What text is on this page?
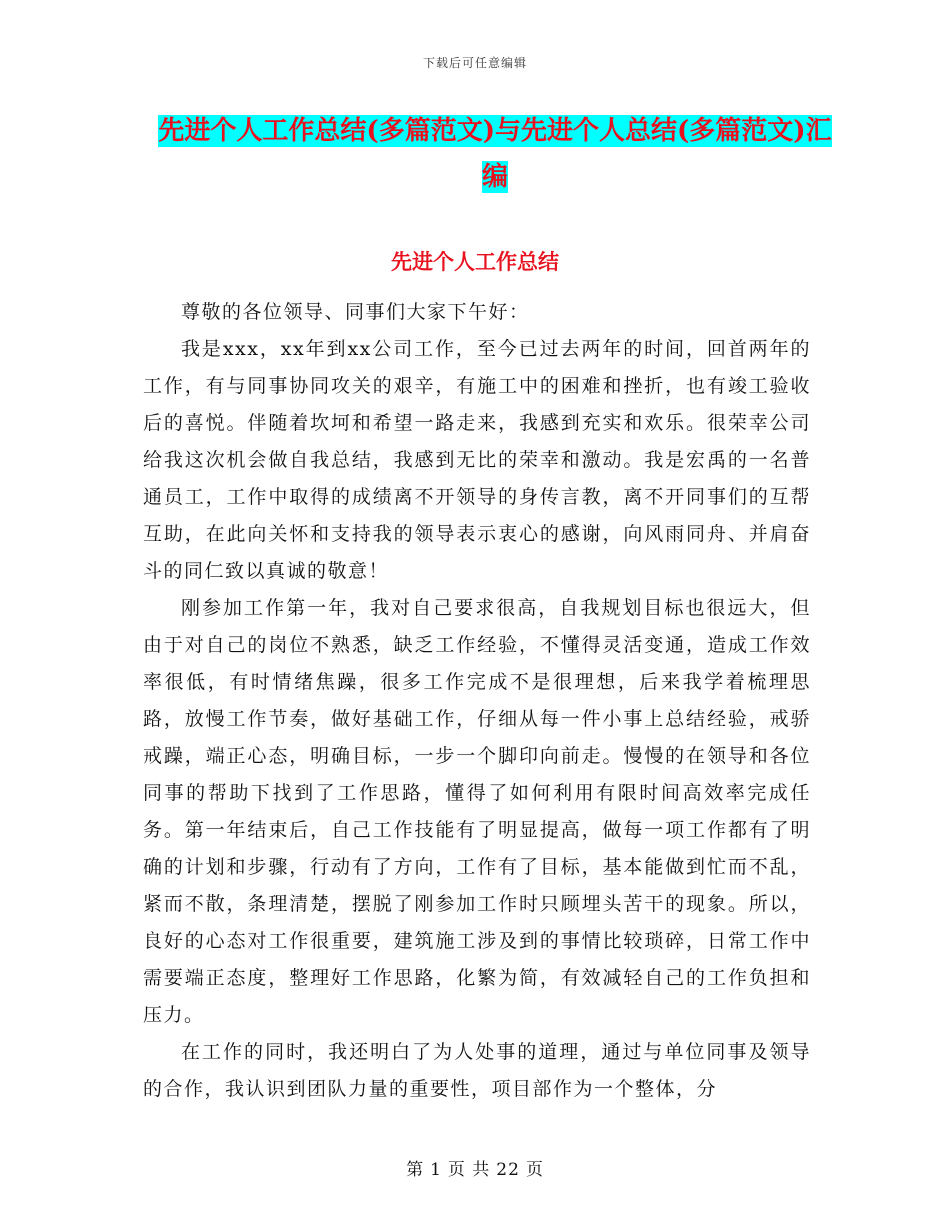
下载后可任意编辑
先进个人工作总结(多篇范文)与先进个人总结(多篇范文)汇编
先进个人工作总结

尊敬的各位领导、同事们大家下午好：

我是xxx，xx年到xx公司工作，至今已过去两年的时间，回首两年的工作，有与同事协同攻关的艰辛，有施工中的困难和挫折，也有竣工验收后的喜悦。伴随着坎坷和希望一路走来，我感到充实和欢乐。很荣幸公司给我这次机会做自我总结，我感到无比的荣幸和激动。我是宏禹的一名普通员工，工作中取得的成绩离不开领导的身传言教，离不开同事们的互帮互助，在此向关怀和支持我的领导表示衷心的感谢，向风雨同舟、并肩奋斗的同仁致以真诚的敬意！

刚参加工作第一年，我对自己要求很高，自我规划目标也很远大，但由于对自己的岗位不熟悉，缺乏工作经验，不懂得灵活变通，造成工作效率很低，有时情绪焦躁，很多工作完成不是很理想，后来我学着梳理思路，放慢工作节奏，做好基础工作，仔细从每一件小事上总结经验，戒骄戒躁，端正心态，明确目标，一步一个脚印向前走。慢慢的在领导和各位同事的帮助下找到了工作思路，懂得了如何利用有限时间高效率完成任务。第一年结束后，自己工作技能有了明显提高，做每一项工作都有了明确的计划和步骤，行动有了方向，工作有了目标，基本能做到忙而不乱，紧而不散，条理清楚，摆脱了刚参加工作时只顾埋头苦干的现象。所以，良好的心态对工作很重要，建筑施工涉及到的事情比较琐碎，日常工作中需要端正态度，整理好工作思路，化繁为简，有效减轻自己的工作负担和压力。

在工作的同时，我还明白了为人处事的道理，通过与单位同事及领导的合作，我认识到团队力量的重要性，项目部作为一个整体，分

第 1 页 共 22 页
